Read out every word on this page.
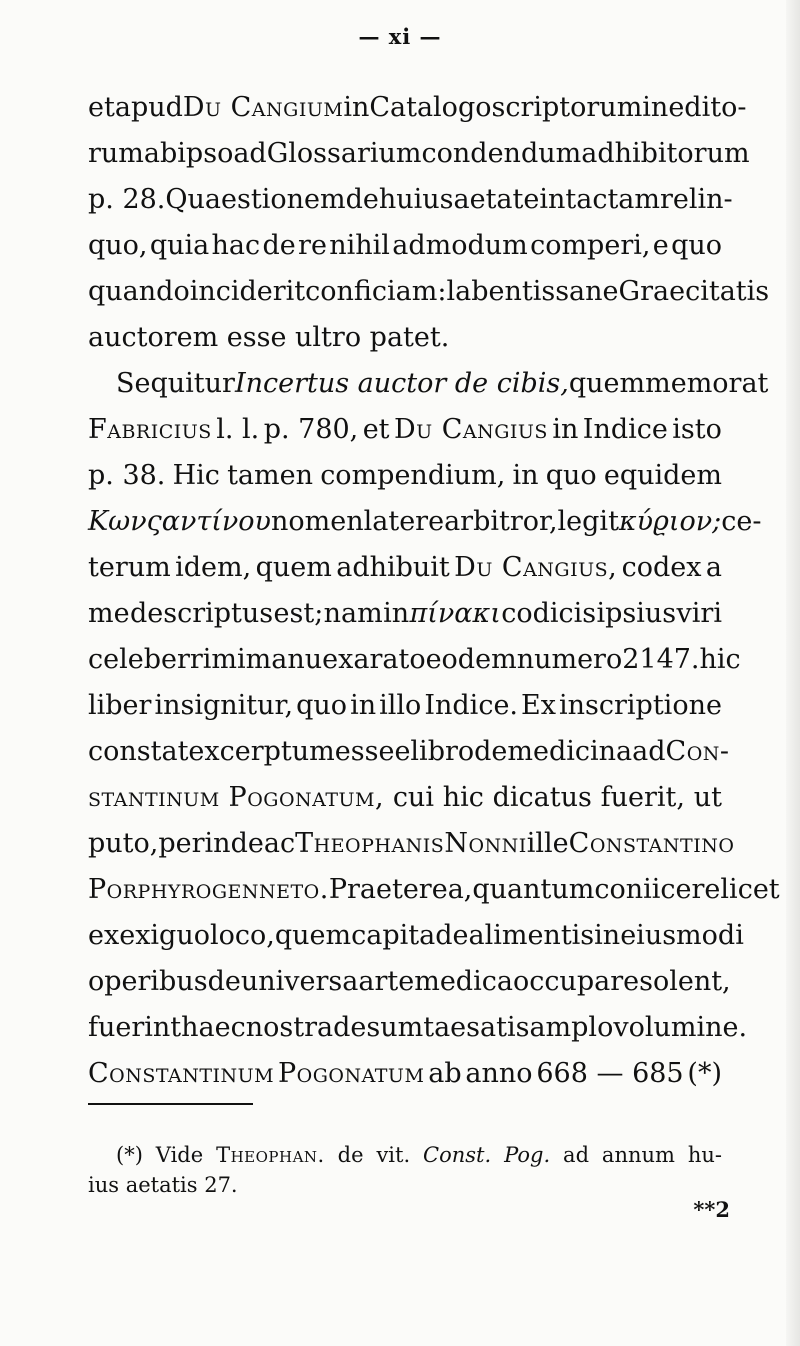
— xi —
et apud Du Cangium in Catalogo scriptorum inedito-
rum ab ipso ad Glossarium condendum adhibitorum
p. 28. Quaestionem de huius aetate intactam relin-
quo, quia hac de re nihil admodum comperi, e quo
quando inciderit conficiam: labentis sane Graecitatis
auctorem esse ultro patet.
Sequitur Incertus auctor de cibis, quem memorat
Fabricius l. l. p. 780, et Du Cangius in Indice isto
p. 38. Hic tamen compendium, in quo equidem
Κωνςαντίνου nomen latere arbitror, legit κύϱιον; ce-
terum idem, quem adhibuit Du Cangius, codex a
me descriptus est; nam in πίνακι codicis ipsius viri
celeberrimi manu exarato eodem numero 2147. hic
liber insignitur, quo in illo Indice. Ex inscriptione
constat excerptum esse e libro de medicina ad Con-
stantinum Pogonatum, cui hic dicatus fuerit, ut
puto, perinde ac Theophanis Nonni ille Constantino
Porphyrogenneto. Praeterea, quantum coniicere licet
ex exiguo loco, quem capita de alimentis in eiusmodi
operibus de universa arte medica occupare solent,
fuerint haec nostra desumta e satis amplo volumine.
Constantinum Pogonatum ab anno 668 — 685 (*)
(*) Vide Theophan. de vit. Const. Pog. ad annum hu-
ius aetatis 27.
**2
